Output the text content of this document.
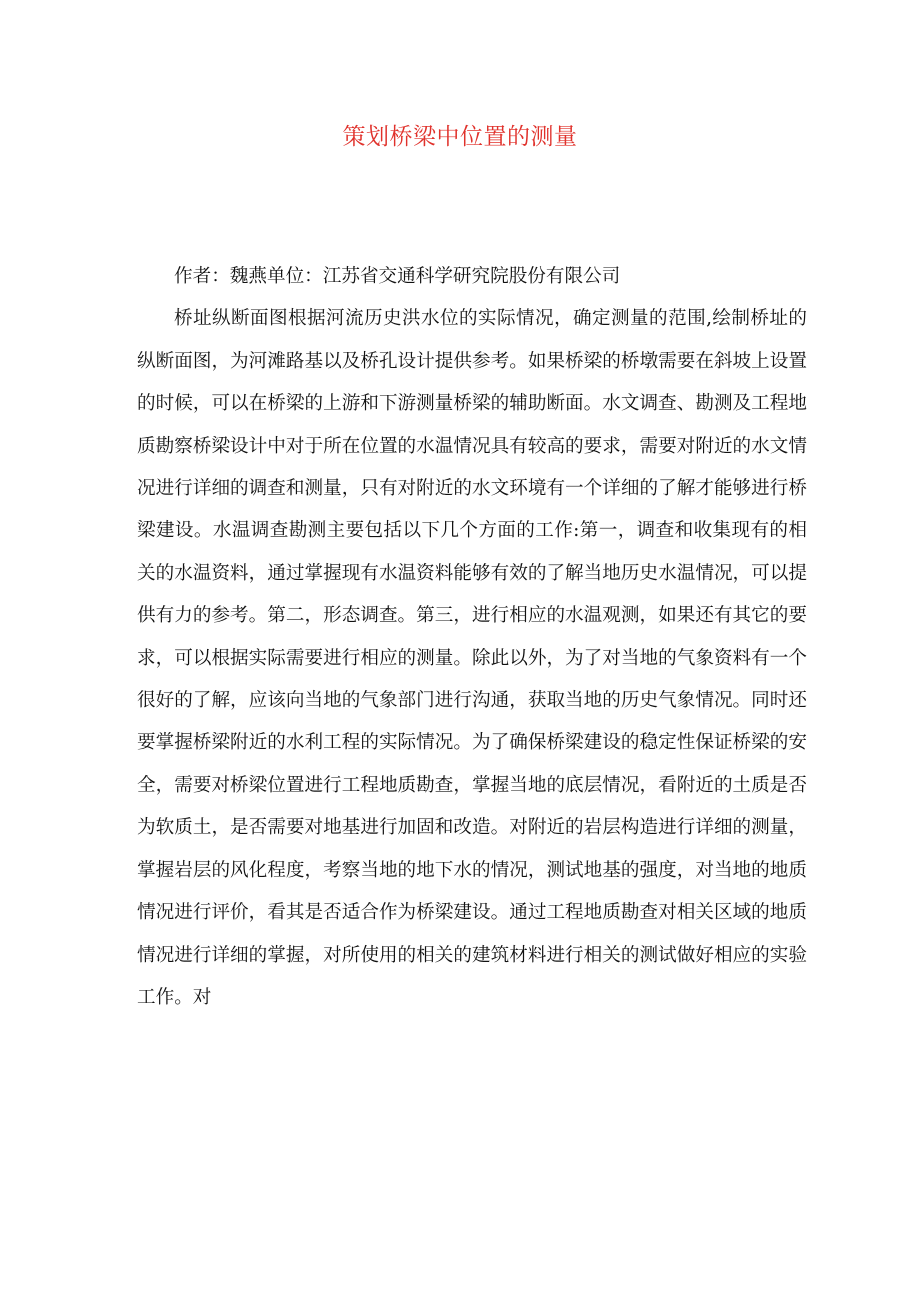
策划桥梁中位置的测量

作者：魏燕单位：江苏省交通科学研究院股份有限公司

桥址纵断面图根据河流历史洪水位的实际情况，确定测量的范围,绘制桥址的纵断面图，为河滩路基以及桥孔设计提供参考。如果桥梁的桥墩需要在斜坡上设置的时候，可以在桥梁的上游和下游测量桥梁的辅助断面。水文调查、勘测及工程地质勘察桥梁设计中对于所在位置的水温情况具有较高的要求，需要对附近的水文情况进行详细的调查和测量，只有对附近的水文环境有一个详细的了解才能够进行桥梁建设。水温调查勘测主要包括以下几个方面的工作:第一，调查和收集现有的相关的水温资料，通过掌握现有水温资料能够有效的了解当地历史水温情况，可以提供有力的参考。第二，形态调查。第三，进行相应的水温观测，如果还有其它的要求，可以根据实际需要进行相应的测量。除此以外，为了对当地的气象资料有一个很好的了解，应该向当地的气象部门进行沟通，获取当地的历史气象情况。同时还要掌握桥梁附近的水利工程的实际情况。为了确保桥梁建设的稳定性保证桥梁的安全，需要对桥梁位置进行工程地质勘查，掌握当地的底层情况，看附近的土质是否为软质土，是否需要对地基进行加固和改造。对附近的岩层构造进行详细的测量，掌握岩层的风化程度，考察当地的地下水的情况，测试地基的强度，对当地的地质情况进行评价，看其是否适合作为桥梁建设。通过工程地质勘查对相关区域的地质情况进行详细的掌握，对所使用的相关的建筑材料进行相关的测试做好相应的实验工作。对
